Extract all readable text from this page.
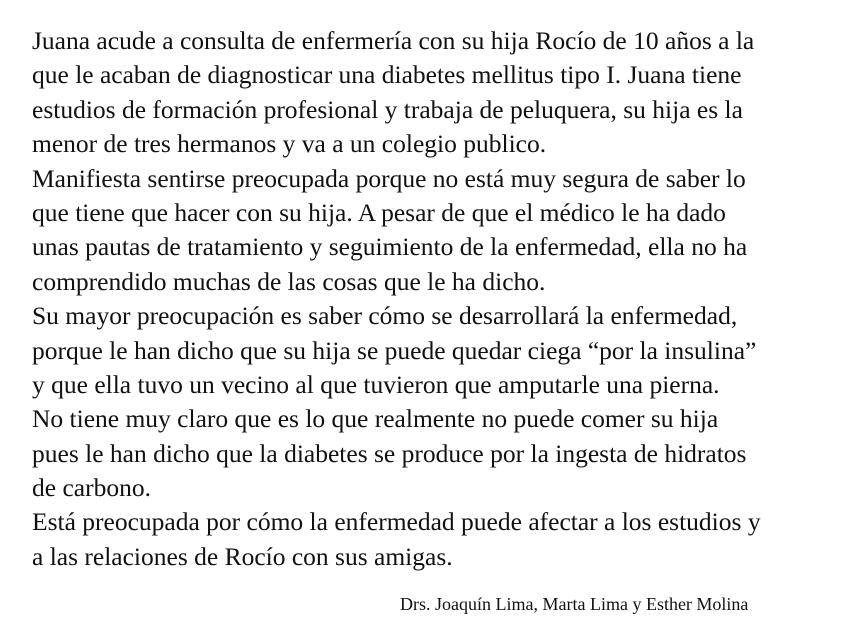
Juana acude a consulta de enfermería con su hija Rocío de 10 años a la
que le acaban de diagnosticar una diabetes mellitus tipo I. Juana tiene
estudios de formación profesional y trabaja de peluquera, su hija es la
menor de tres hermanos y va a un colegio publico.
Manifiesta sentirse preocupada porque no está muy segura de saber lo
que tiene que hacer con su hija. A pesar de que el médico le ha dado
unas pautas de tratamiento y seguimiento de la enfermedad, ella no ha
comprendido muchas de las cosas que le ha dicho.
Su mayor preocupación es saber cómo se desarrollará la enfermedad,
porque le han dicho que su hija se puede quedar ciega “por la insulina”
y que ella tuvo un vecino al que tuvieron que amputarle una pierna.
No tiene muy claro que es lo que realmente no puede comer su hija
pues le han dicho que la diabetes se produce por la ingesta de hidratos
de carbono.
Está preocupada por cómo la enfermedad puede afectar a los estudios y
a las relaciones de Rocío con sus amigas.

Drs. Joaquín Lima, Marta Lima y Esther Molina
